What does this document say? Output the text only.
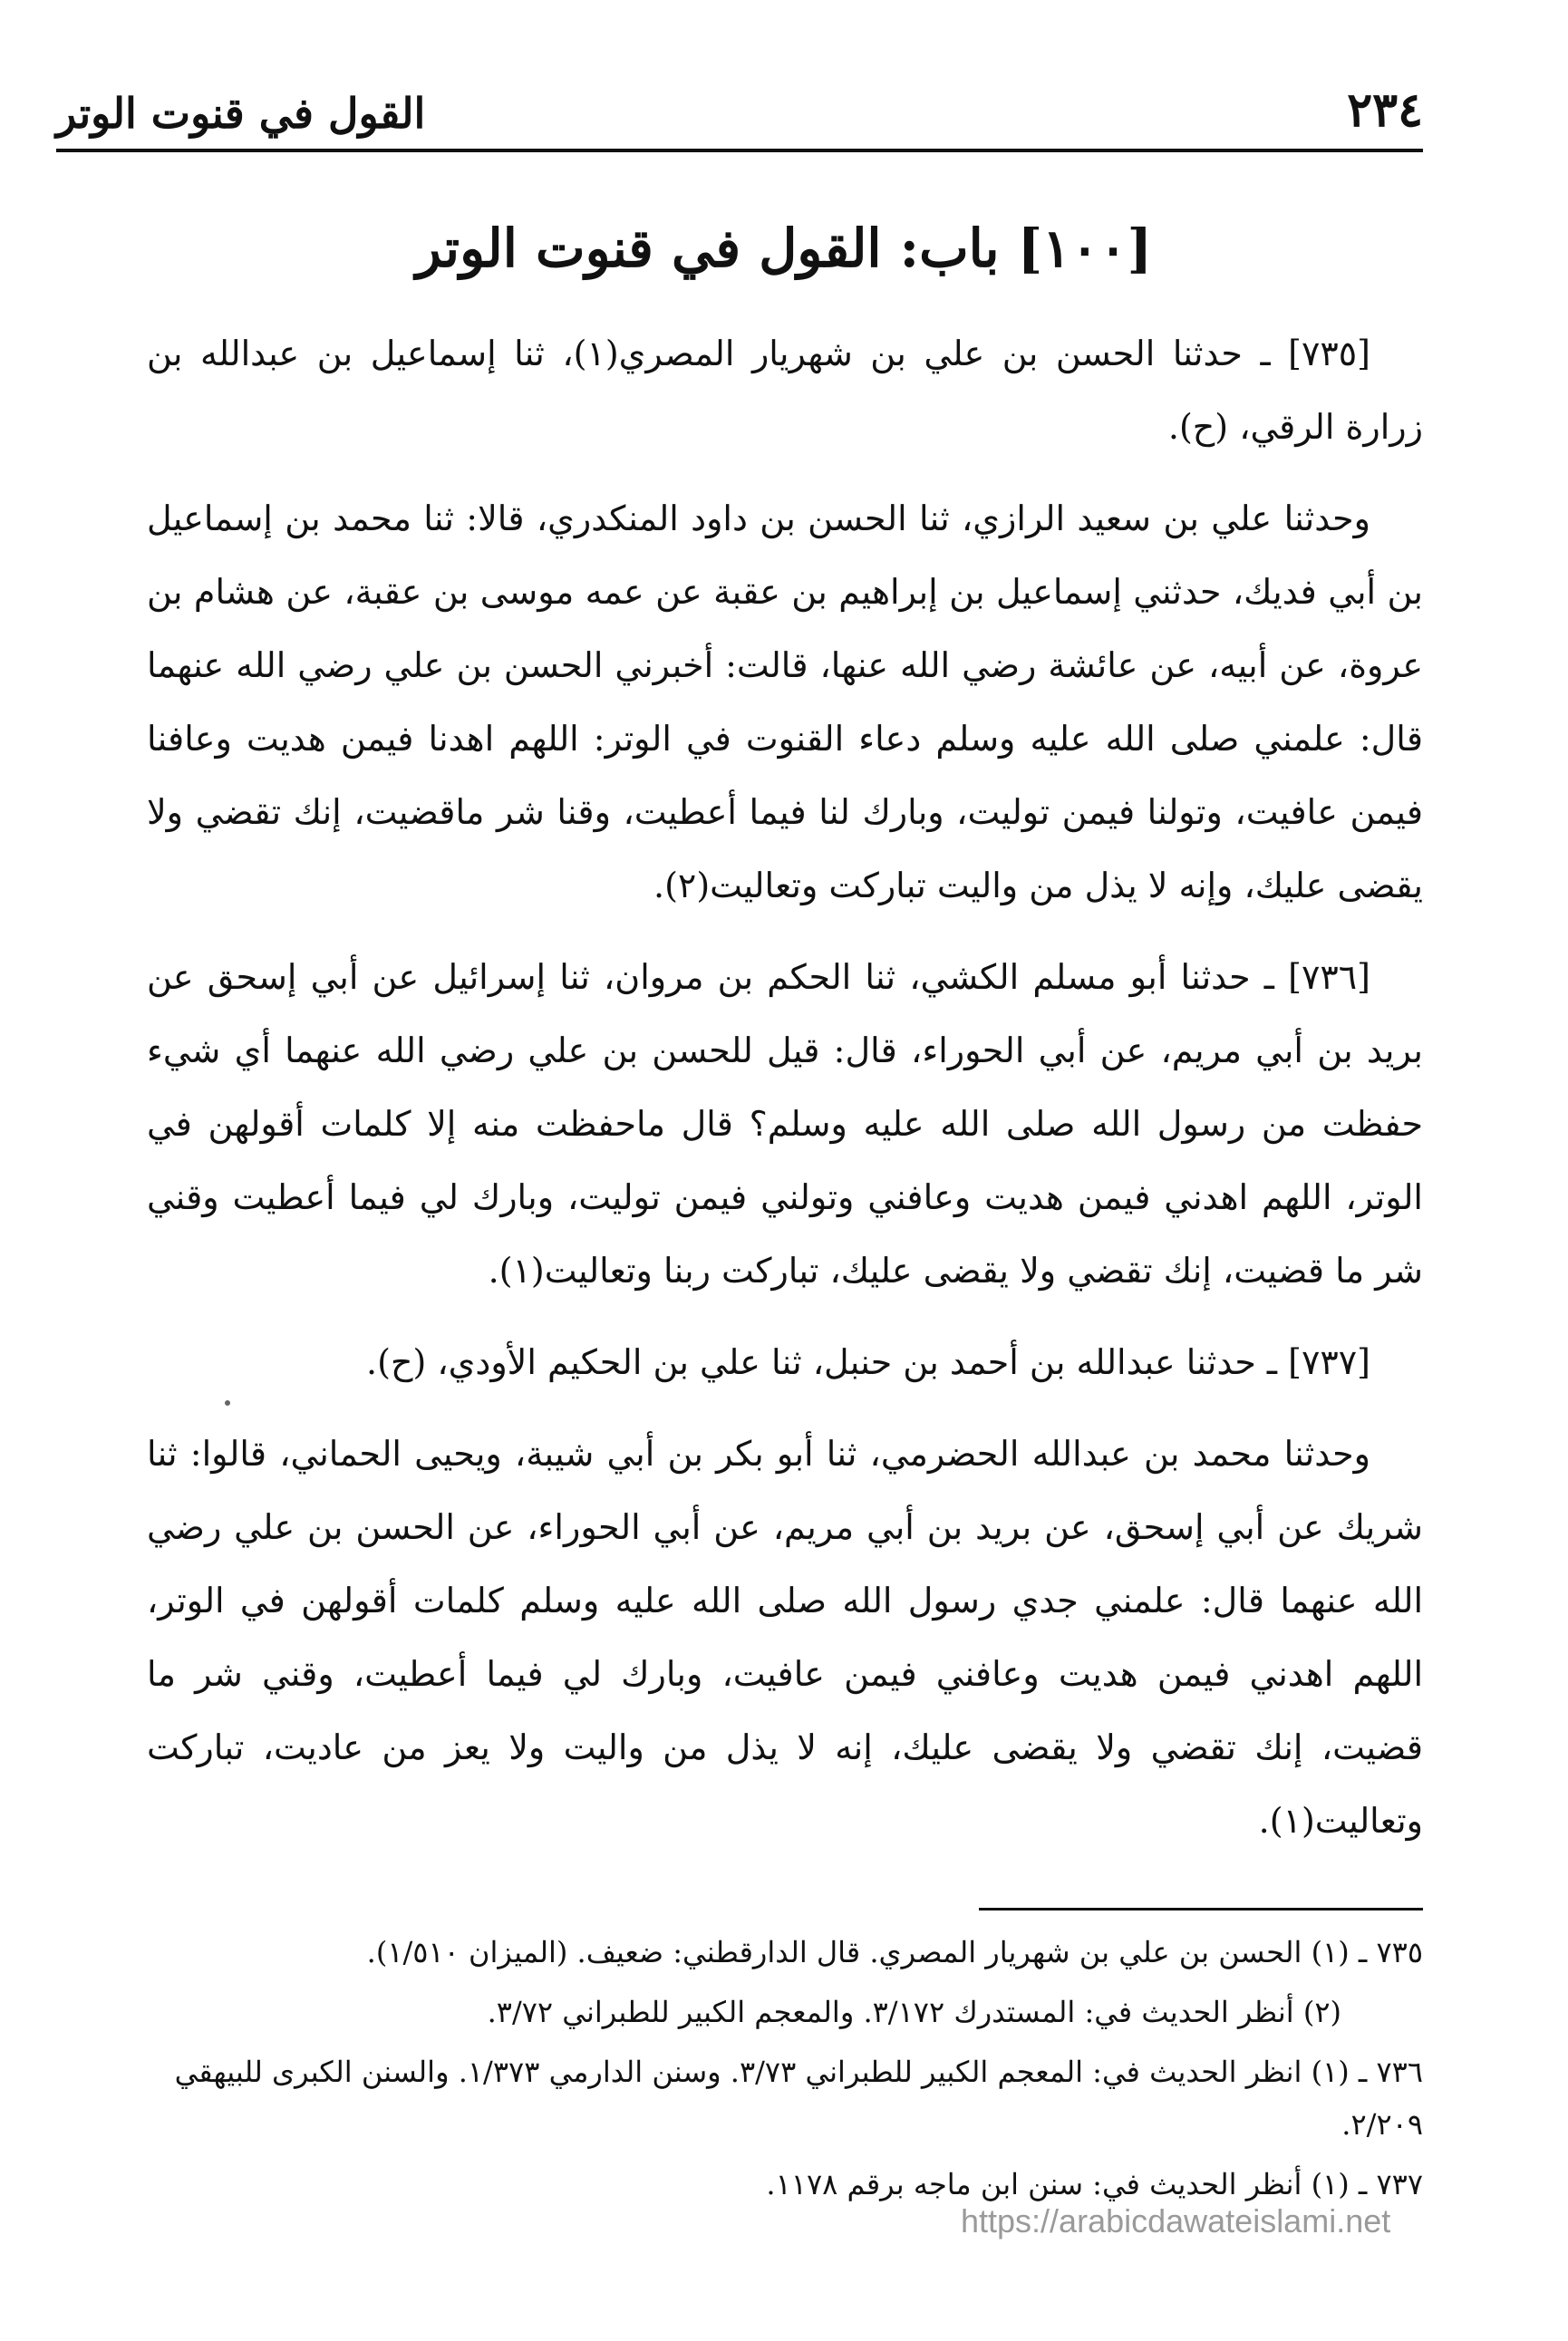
٢٣٤
القول في قنوت الوتر
[١٠٠] باب: القول في قنوت الوتر

[٧٣٥] ـ حدثنا الحسن بن علي بن شهريار المصري(١)، ثنا إسماعيل بن عبدالله بن زرارة الرقي، (ح).

وحدثنا علي بن سعيد الرازي، ثنا الحسن بن داود المنكدري، قالا: ثنا محمد بن إسماعيل بن أبي فديك، حدثني إسماعيل بن إبراهيم بن عقبة عن عمه موسى بن عقبة، عن هشام بن عروة، عن أبيه، عن عائشة رضي الله عنها، قالت: أخبرني الحسن بن علي رضي الله عنهما قال: علمني صلى الله عليه وسلم دعاء القنوت في الوتر: اللهم اهدنا فيمن هديت وعافنا فيمن عافيت، وتولنا فيمن توليت، وبارك لنا فيما أعطيت، وقنا شر ماقضيت، إنك تقضي ولا يقضى عليك، وإنه لا يذل من واليت تباركت وتعاليت(٢).

[٧٣٦] ـ حدثنا أبو مسلم الكشي، ثنا الحكم بن مروان، ثنا إسرائيل عن أبي إسحق عن بريد بن أبي مريم، عن أبي الحوراء، قال: قيل للحسن بن علي رضي الله عنهما أي شيء حفظت من رسول الله صلى الله عليه وسلم؟ قال ماحفظت منه إلا كلمات أقولهن في الوتر، اللهم اهدني فيمن هديت وعافني وتولني فيمن توليت، وبارك لي فيما أعطيت وقني شر ما قضيت، إنك تقضي ولا يقضى عليك، تباركت ربنا وتعاليت(١).

[٧٣٧] ـ حدثنا عبدالله بن أحمد بن حنبل، ثنا علي بن الحكيم الأودي، (ح).

وحدثنا محمد بن عبدالله الحضرمي، ثنا أبو بكر بن أبي شيبة، ويحيى الحماني، قالوا: ثنا شريك عن أبي إسحق، عن بريد بن أبي مريم، عن أبي الحوراء، عن الحسن بن علي رضي الله عنهما قال: علمني جدي رسول الله صلى الله عليه وسلم كلمات أقولهن في الوتر، اللهم اهدني فيمن هديت وعافني فيمن عافيت، وبارك لي فيما أعطيت، وقني شر ما قضيت، إنك تقضي ولا يقضى عليك، إنه لا يذل من واليت ولا يعز من عاديت، تباركت وتعاليت(١).

٧٣٥ ـ (١) الحسن بن علي بن شهريار المصري. قال الدارقطني: ضعيف. (الميزان ١/٥١٠).

(٢) أنظر الحديث في: المستدرك ٣/١٧٢. والمعجم الكبير للطبراني ٣/٧٢.

٧٣٦ ـ (١) انظر الحديث في: المعجم الكبير للطبراني ٣/٧٣. وسنن الدارمي ١/٣٧٣. والسنن الكبرى للبيهقي ٢/٢٠٩.

٧٣٧ ـ (١) أنظر الحديث في: سنن ابن ماجه برقم ١١٧٨.

https://arabicdawateislami.net
